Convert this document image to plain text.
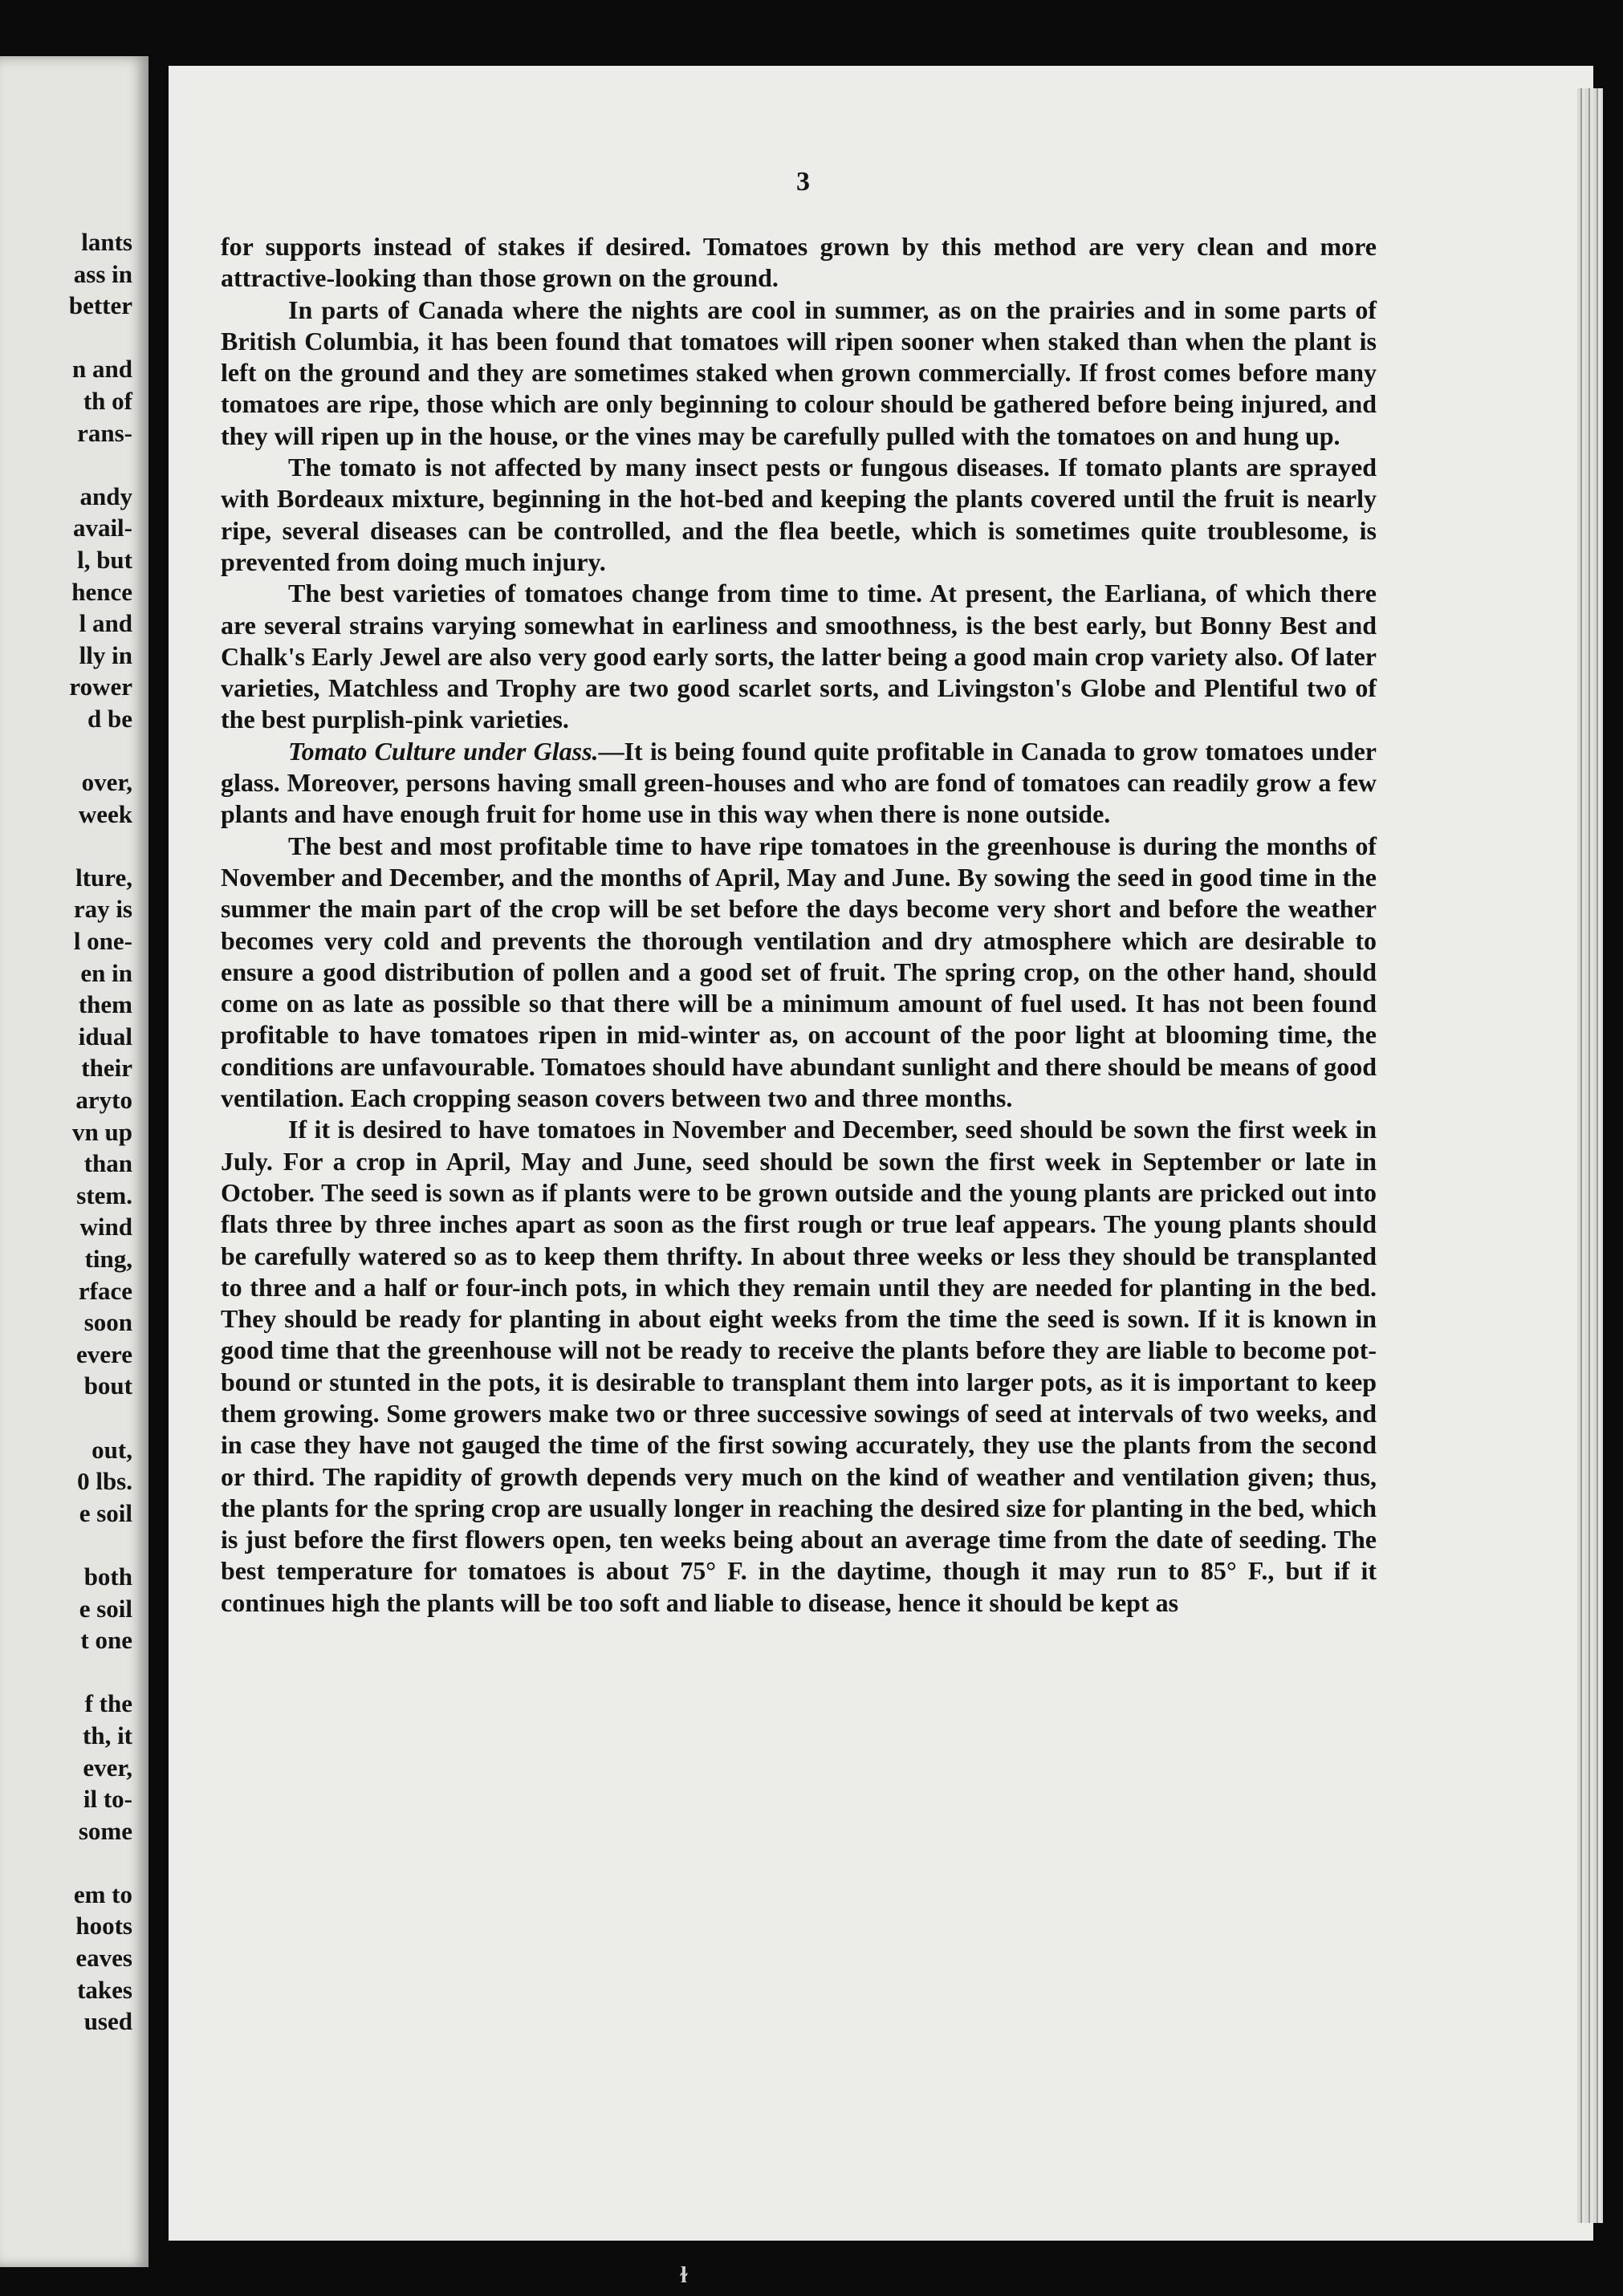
lants
ass in
better
n and
th of
rans-
andy
avail-
l, but
hence
l and
lly in
rower
d be
over,
week
lture,
ray is
l one-
en in
them
idual
their
aryto
vn up
than
stem.
wind
ting,
rface
soon
evere
bout
out,
0 lbs.
e soil
both
e soil
t one
f the
th, it
ever,
il to-
some
em to
hoots
eaves
takes
used
3

for supports instead of stakes if desired. Tomatoes grown by this method are very clean and more attractive-looking than those grown on the ground.

In parts of Canada where the nights are cool in summer, as on the prairies and in some parts of British Columbia, it has been found that tomatoes will ripen sooner when staked than when the plant is left on the ground and they are sometimes staked when grown commercially. If frost comes before many tomatoes are ripe, those which are only beginning to colour should be gathered before being injured, and they will ripen up in the house, or the vines may be carefully pulled with the tomatoes on and hung up.

The tomato is not affected by many insect pests or fungous diseases. If tomato plants are sprayed with Bordeaux mixture, beginning in the hot-bed and keeping the plants covered until the fruit is nearly ripe, several diseases can be controlled, and the flea beetle, which is sometimes quite troublesome, is prevented from doing much injury.

The best varieties of tomatoes change from time to time. At present, the Earliana, of which there are several strains varying somewhat in earliness and smoothness, is the best early, but Bonny Best and Chalk's Early Jewel are also very good early sorts, the latter being a good main crop variety also. Of later varieties, Matchless and Trophy are two good scarlet sorts, and Livingston's Globe and Plentiful two of the best purplish-pink varieties.

Tomato Culture under Glass.—It is being found quite profitable in Canada to grow tomatoes under glass. Moreover, persons having small green-houses and who are fond of tomatoes can readily grow a few plants and have enough fruit for home use in this way when there is none outside.

The best and most profitable time to have ripe tomatoes in the greenhouse is during the months of November and December, and the months of April, May and June. By sowing the seed in good time in the summer the main part of the crop will be set before the days become very short and before the weather becomes very cold and prevents the thorough ventilation and dry atmosphere which are desirable to ensure a good distribution of pollen and a good set of fruit. The spring crop, on the other hand, should come on as late as possible so that there will be a minimum amount of fuel used. It has not been found profitable to have tomatoes ripen in mid-winter as, on account of the poor light at blooming time, the conditions are unfavourable. Tomatoes should have abundant sunlight and there should be means of good ventilation. Each cropping season covers between two and three months.

If it is desired to have tomatoes in November and December, seed should be sown the first week in July. For a crop in April, May and June, seed should be sown the first week in September or late in October. The seed is sown as if plants were to be grown outside and the young plants are pricked out into flats three by three inches apart as soon as the first rough or true leaf appears. The young plants should be carefully watered so as to keep them thrifty. In about three weeks or less they should be transplanted to three and a half or four-inch pots, in which they remain until they are needed for planting in the bed. They should be ready for planting in about eight weeks from the time the seed is sown. If it is known in good time that the greenhouse will not be ready to receive the plants before they are liable to become pot-bound or stunted in the pots, it is desirable to transplant them into larger pots, as it is important to keep them growing. Some growers make two or three successive sowings of seed at intervals of two weeks, and in case they have not gauged the time of the first sowing accurately, they use the plants from the second or third. The rapidity of growth depends very much on the kind of weather and ventilation given; thus, the plants for the spring crop are usually longer in reaching the desired size for planting in the bed, which is just before the first flowers open, ten weeks being about an average time from the date of seeding. The best temperature for tomatoes is about 75° F. in the daytime, though it may run to 85° F., but if it continues high the plants will be too soft and liable to disease, hence it should be kept as

ɫ
